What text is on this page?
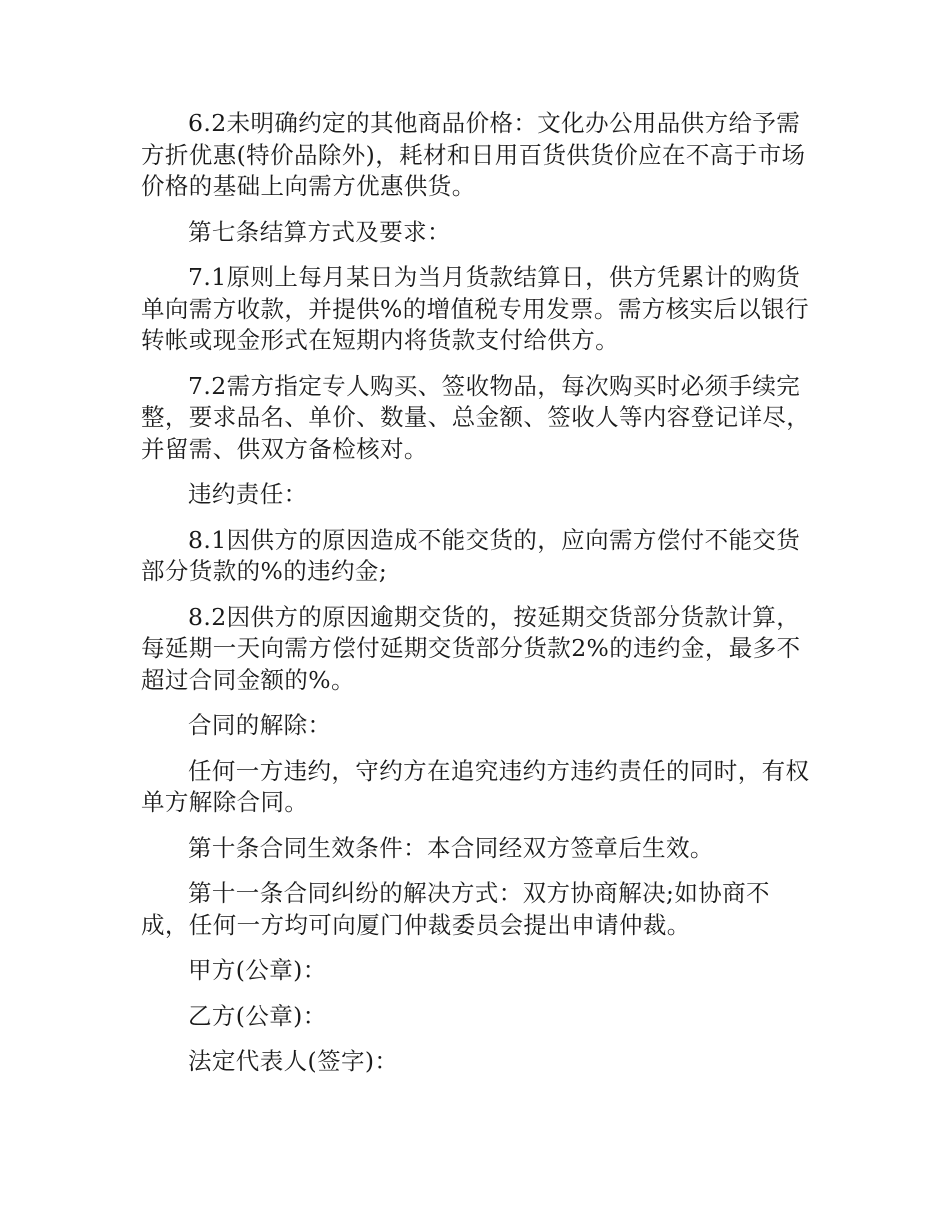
6.2未明确约定的其他商品价格：文化办公用品供方给予需方折优惠(特价品除外)，耗材和日用百货供货价应在不高于市场价格的基础上向需方优惠供货。

第七条结算方式及要求：

7.1原则上每月某日为当月货款结算日，供方凭累计的购货单向需方收款，并提供%的增值税专用发票。需方核实后以银行转帐或现金形式在短期内将货款支付给供方。

7.2需方指定专人购买、签收物品，每次购买时必须手续完整，要求品名、单价、数量、总金额、签收人等内容登记详尽，并留需、供双方备检核对。

违约责任：

8.1因供方的原因造成不能交货的，应向需方偿付不能交货部分货款的%的违约金;

8.2因供方的原因逾期交货的，按延期交货部分货款计算，每延期一天向需方偿付延期交货部分货款2%的违约金，最多不超过合同金额的%。

合同的解除：

任何一方违约，守约方在追究违约方违约责任的同时，有权单方解除合同。

第十条合同生效条件：本合同经双方签章后生效。

第十一条合同纠纷的解决方式：双方协商解决;如协商不成，任何一方均可向厦门仲裁委员会提出申请仲裁。

甲方(公章)：

乙方(公章)：

法定代表人(签字)：
